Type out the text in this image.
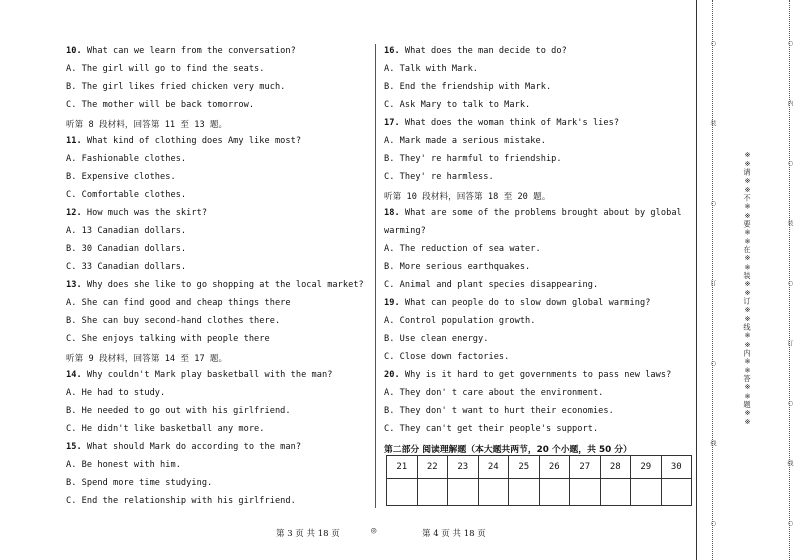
10. What can we learn from the conversation?
A. The girl will go to find the seats.
B. The girl likes fried chicken very much.
C. The mother will be back tomorrow.
听第 8 段材料，回答第 11 至 13 题。
11. What kind of clothing does Amy like most?
A. Fashionable clothes.
B. Expensive clothes.
C. Comfortable clothes.
12. How much was the skirt?
A. 13 Canadian dollars.
B. 30 Canadian dollars.
C. 33 Canadian dollars.
13. Why does she like to go shopping at the local market?
A. She can find good and cheap things there
B. She can buy second-hand clothes there.
C. She enjoys talking with people there
听第 9 段材料，回答第 14 至 17 题。
14. Why couldn't Mark play basketball with the man?
A. He had to study.
B. He needed to go out with his girlfriend.
C. He didn't like basketball any more.
15. What should Mark do according to the man?
A. Be honest with him.
B. Spend more time studying.
C. End the relationship with his girlfriend.
16. What does the man decide to do?
A. Talk with Mark.
B. End the friendship with Mark.
C. Ask Mary to talk to Mark.
17. What does the woman think of Mark's lies?
A. Mark made a serious mistake.
B. They' re harmful to friendship.
C. They' re harmless.
听第 10 段材料，回答第 18 至 20 题。
18. What are some of the problems brought about by global
warming?
A. The reduction of sea water.
B. More serious earthquakes.
C. Animal and plant species disappearing.
19. What can people do to slow down global warming?
A. Control population growth.
B. Use clean energy.
C. Close down factories.
20. Why is it hard to get governments to pass new laws?
A. They don' t care about the environment.
B. They don' t want to hurt their economies.
C. They can't get their people's support.
第二部分 阅读理解题（本大题共两节，20 个小题，共 50 分）
21	22	23	24	25	26	27	28	29	30

第 3 页 共 18 页	◎	第 4 页 共 18 页
○
装
○
订
○
线
○
○
内
○
装
○
订
○
线
○
※※请※※不※※要※※在※※装※※订※※线※※内※※答※※题※※
